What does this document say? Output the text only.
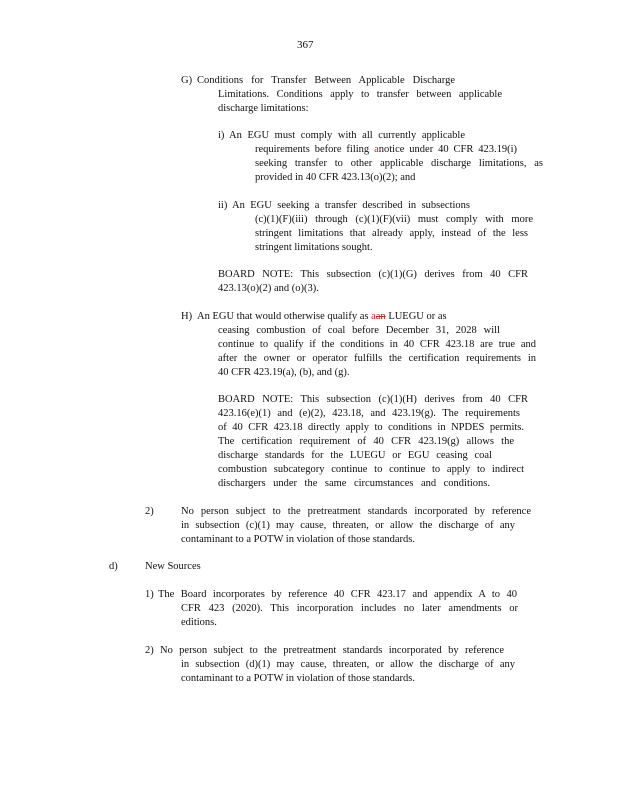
367
G) Conditions for Transfer Between Applicable Discharge
Limitations. Conditions apply to transfer between applicable
discharge limitations:
i) An EGU must comply with all currently applicable
requirements before filing anotice under 40 CFR 423.19(i)
seeking transfer to other applicable discharge limitations, as
provided in 40 CFR 423.13(o)(2); and
ii) An EGU seeking a transfer described in subsections
(c)(1)(F)(iii) through (c)(1)(F)(vii) must comply with more
stringent limitations that already apply, instead of the less
stringent limitations sought.
BOARD NOTE: This subsection (c)(1)(G) derives from 40 CFR
423.13(o)(2) and (o)(3).
H) An EGU that would otherwise qualify as aan LUEGU or as
ceasing combustion of coal before December 31, 2028 will
continue to qualify if the conditions in 40 CFR 423.18 are true and
after the owner or operator fulfills the certification requirements in
40 CFR 423.19(a), (b), and (g).
BOARD NOTE: This subsection (c)(1)(H) derives from 40 CFR
423.16(e)(1) and (e)(2), 423.18, and 423.19(g). The requirements
of 40 CFR 423.18 directly apply to conditions in NPDES permits.
The certification requirement of 40 CFR 423.19(g) allows the
discharge standards for the LUEGU or EGU ceasing coal
combustion subcategory continue to continue to apply to indirect
dischargers under the same circumstances and conditions.
2)	No person subject to the pretreatment standards incorporated by reference
in subsection (c)(1) may cause, threaten, or allow the discharge of any
contaminant to a POTW in violation of those standards.
d)	New Sources
1) The Board incorporates by reference 40 CFR 423.17 and appendix A to 40
CFR 423 (2020). This incorporation includes no later amendments or
editions.
2) No person subject to the pretreatment standards incorporated by reference
in subsection (d)(1) may cause, threaten, or allow the discharge of any
contaminant to a POTW in violation of those standards.
